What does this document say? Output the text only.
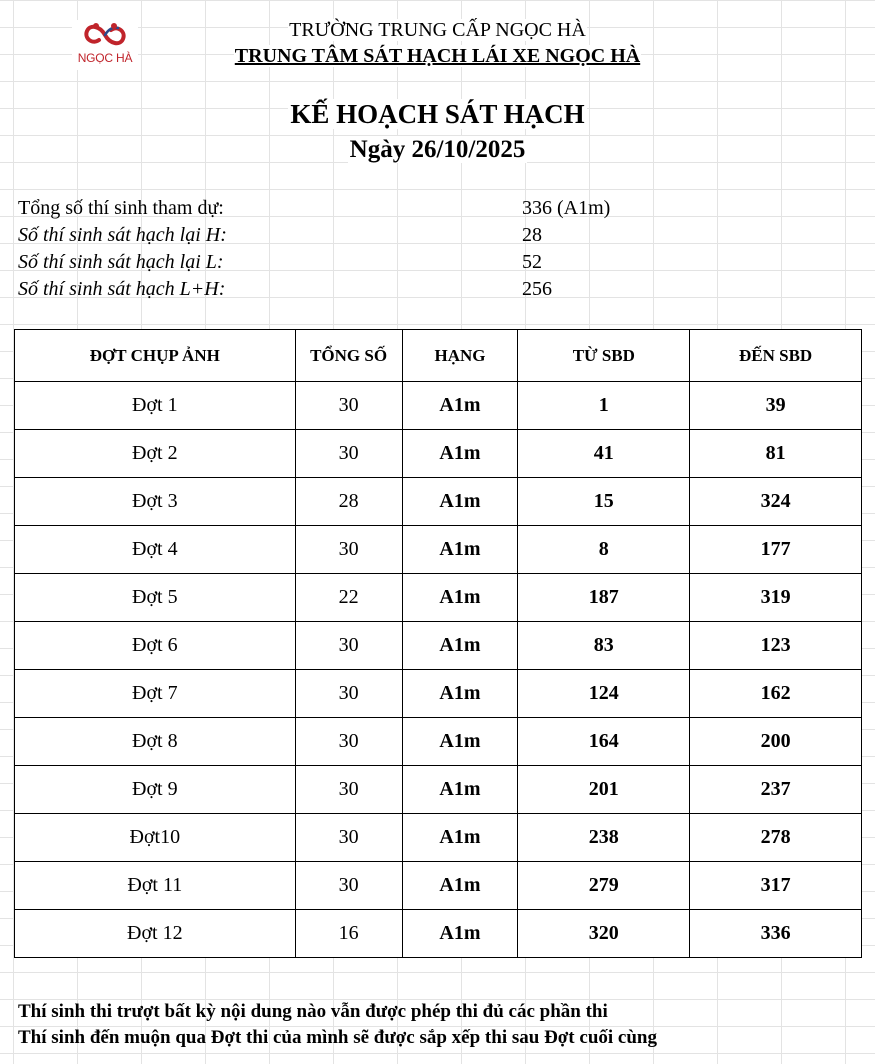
NGỌC HÀ
TRƯỜNG TRUNG CẤP NGỌC HÀ
TRUNG TÂM SÁT HẠCH LÁI XE NGỌC HÀ
KẾ HOẠCH SÁT HẠCH
Ngày 26/10/2025
Tổng số thí sinh tham dự:	336 (A1m)
Số thí sinh sát hạch lại H:	28
Số thí sinh sát hạch lại L:	52
Số thí sinh sát hạch L+H:	256
ĐỢT CHỤP ẢNH	TỔNG SỐ	HẠNG	TỪ SBD	ĐẾN SBD
Đợt 1	30	A1m	1	39
Đợt 2	30	A1m	41	81
Đợt 3	28	A1m	15	324
Đợt 4	30	A1m	8	177
Đợt 5	22	A1m	187	319
Đợt 6	30	A1m	83	123
Đợt 7	30	A1m	124	162
Đợt 8	30	A1m	164	200
Đợt 9	30	A1m	201	237
Đợt10	30	A1m	238	278
Đợt 11	30	A1m	279	317
Đợt 12	16	A1m	320	336
Thí sinh thi trượt bất kỳ nội dung nào vẫn được phép thi đủ các phần thi
Thí sinh đến muộn qua Đợt thi của mình sẽ được sắp xếp thi sau Đợt cuối cùng
